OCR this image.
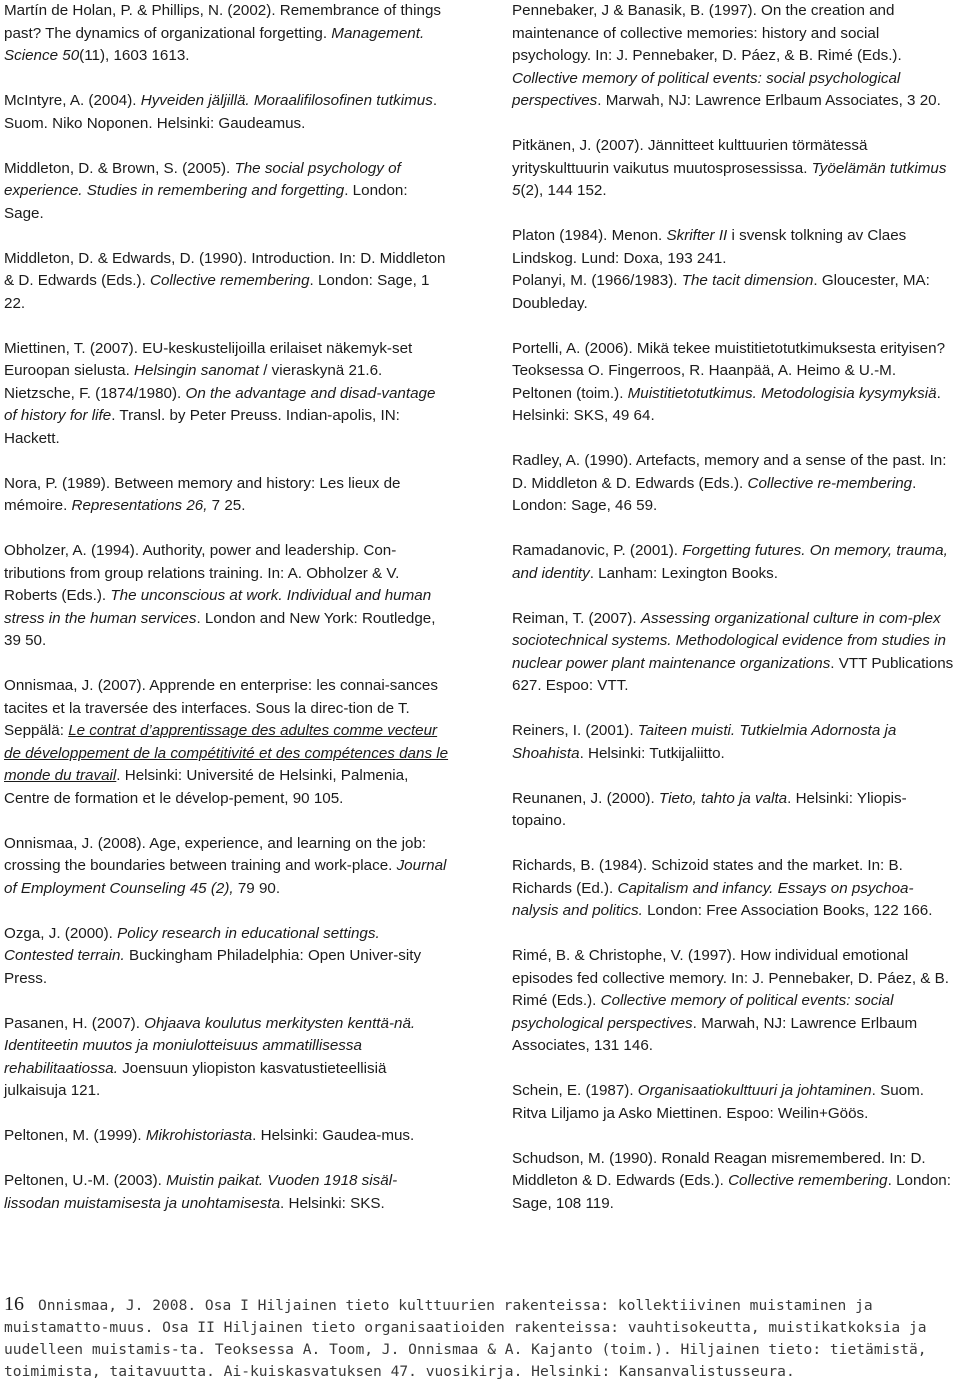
Martín de Holan, P. & Phillips, N. (2002). Remembrance of things past? The dynamics of organizational forgetting. Management. Science 50(11), 1603 1613.
McIntyre, A. (2004). Hyveiden jäljillä. Moraalifilosofinen tutkimus. Suom. Niko Noponen. Helsinki: Gaudeamus.
Middleton, D. & Brown, S. (2005). The social psychology of experience. Studies in remembering and forgetting. London: Sage.
Middleton, D. & Edwards, D. (1990). Introduction. In: D. Middleton & D. Edwards (Eds.). Collective remembering. London: Sage, 1 22.
Miettinen, T. (2007). EU-keskustelijoilla erilaiset näkemyk-set Euroopan sielusta. Helsingin sanomat / vieraskynä 21.6.
Nietzsche, F. (1874/1980). On the advantage and disad-vantage of history for life. Transl. by Peter Preuss. Indian-apolis, IN: Hackett.
Nora, P. (1989). Between memory and history: Les lieux de mémoire. Representations 26, 7 25.
Obholzer, A. (1994). Authority, power and leadership. Con-tributions from group relations training. In: A. Obholzer & V. Roberts (Eds.). The unconscious at work. Individual and human stress in the human services. London and New York: Routledge, 39 50.
Onnismaa, J. (2007). Apprende en enterprise: les connai-sances tacites et la traversée des interfaces. Sous la direc-tion de T. Seppälä: Le contrat d’apprentissage des adultes comme vecteur de développement de la compétitivité et des compétences dans le monde du travail. Helsinki: Université de Helsinki, Palmenia, Centre de formation et le dévelop-pement, 90 105.
Onnismaa, J. (2008). Age, experience, and learning on the job: crossing the boundaries between training and work-place. Journal of Employment Counseling 45 (2), 79 90.
Ozga, J. (2000). Policy research in educational settings. Contested terrain. Buckingham Philadelphia: Open Univer-sity Press.
Pasanen, H. (2007). Ohjaava koulutus merkitysten kenttä-nä. Identiteetin muutos ja moniulotteisuus ammatillisessa rehabilitaatiossa. Joensuun yliopiston kasvatustieteellisiä julkaisuja 121.
Peltonen, M. (1999). Mikrohistoriasta. Helsinki: Gaudea-mus.
Peltonen, U.-M. (2003). Muistin paikat. Vuoden 1918 sisäl-lissodan muistamisesta ja unohtamisesta. Helsinki: SKS.
Pennebaker, J & Banasik, B. (1997). On the creation and maintenance of collective memories: history and social psychology. In: J. Pennebaker, D. Páez, & B. Rimé (Eds.). Collective memory of political events: social psychological perspectives. Marwah, NJ: Lawrence Erlbaum Associates, 3 20.
Pitkänen, J. (2007). Jännitteet kulttuurien törmätessä yrityskulttuurin vaikutus muutosprosessissa. Työelämän tutkimus 5(2), 144 152.
Platon (1984). Menon. Skrifter II i svensk tolkning av Claes Lindskog. Lund: Doxa, 193 241.
Polanyi, M. (1966/1983). The tacit dimension. Gloucester, MA: Doubleday.
Portelli, A. (2006). Mikä tekee muistitietotutkimuksesta erityisen? Teoksessa O. Fingerroos, R. Haanpää, A. Heimo & U.-M. Peltonen (toim.). Muistitietotutkimus. Metodologisia kysymyksiä. Helsinki: SKS, 49 64.
Radley, A. (1990). Artefacts, memory and a sense of the past. In: D. Middleton & D. Edwards (Eds.). Collective re-membering. London: Sage, 46 59.
Ramadanovic, P. (2001). Forgetting futures. On memory, trauma, and identity. Lanham: Lexington Books.
Reiman, T. (2007). Assessing organizational culture in com-plex sociotechnical systems. Methodological evidence from studies in nuclear power plant maintenance organizations. VTT Publications 627. Espoo: VTT.
Reiners, I. (2001). Taiteen muisti. Tutkielmia Adornosta ja Shoahista. Helsinki: Tutkijaliitto.
Reunanen, J. (2000). Tieto, tahto ja valta. Helsinki: Yliopis-topaino.
Richards, B. (1984). Schizoid states and the market. In: B. Richards (Ed.). Capitalism and infancy. Essays on psychoa-nalysis and politics. London: Free Association Books, 122 166.
Rimé, B. & Christophe, V. (1997). How individual emotional episodes fed collective memory. In: J. Pennebaker, D. Páez, & B. Rimé (Eds.). Collective memory of political events: social psychological perspectives. Marwah, NJ: Lawrence Erlbaum Associates, 131 146.
Schein, E. (1987). Organisaatiokulttuuri ja johtaminen. Suom. Ritva Liljamo ja Asko Miettinen. Espoo: Weilin+Göös.
Schudson, M. (1990). Ronald Reagan misremembered. In: D. Middleton & D. Edwards (Eds.). Collective remembering. London: Sage, 108 119.
16 Onnismaa, J. 2008. Osa I Hiljainen tieto kulttuurien rakenteissa: kollektiivinen muistaminen ja muistamatto-muus. Osa II Hiljainen tieto organisaatioiden rakenteissa: vauhtisokeutta, muistikatkoksia ja uudelleen muistamis-ta. Teoksessa A. Toom, J. Onnismaa & A. Kajanto (toim.). Hiljainen tieto: tietämistä, toimimista, taitavuutta. Ai-kuiskasvatuksen 47. vuosikirja. Helsinki: Kansanvalistusseura.
